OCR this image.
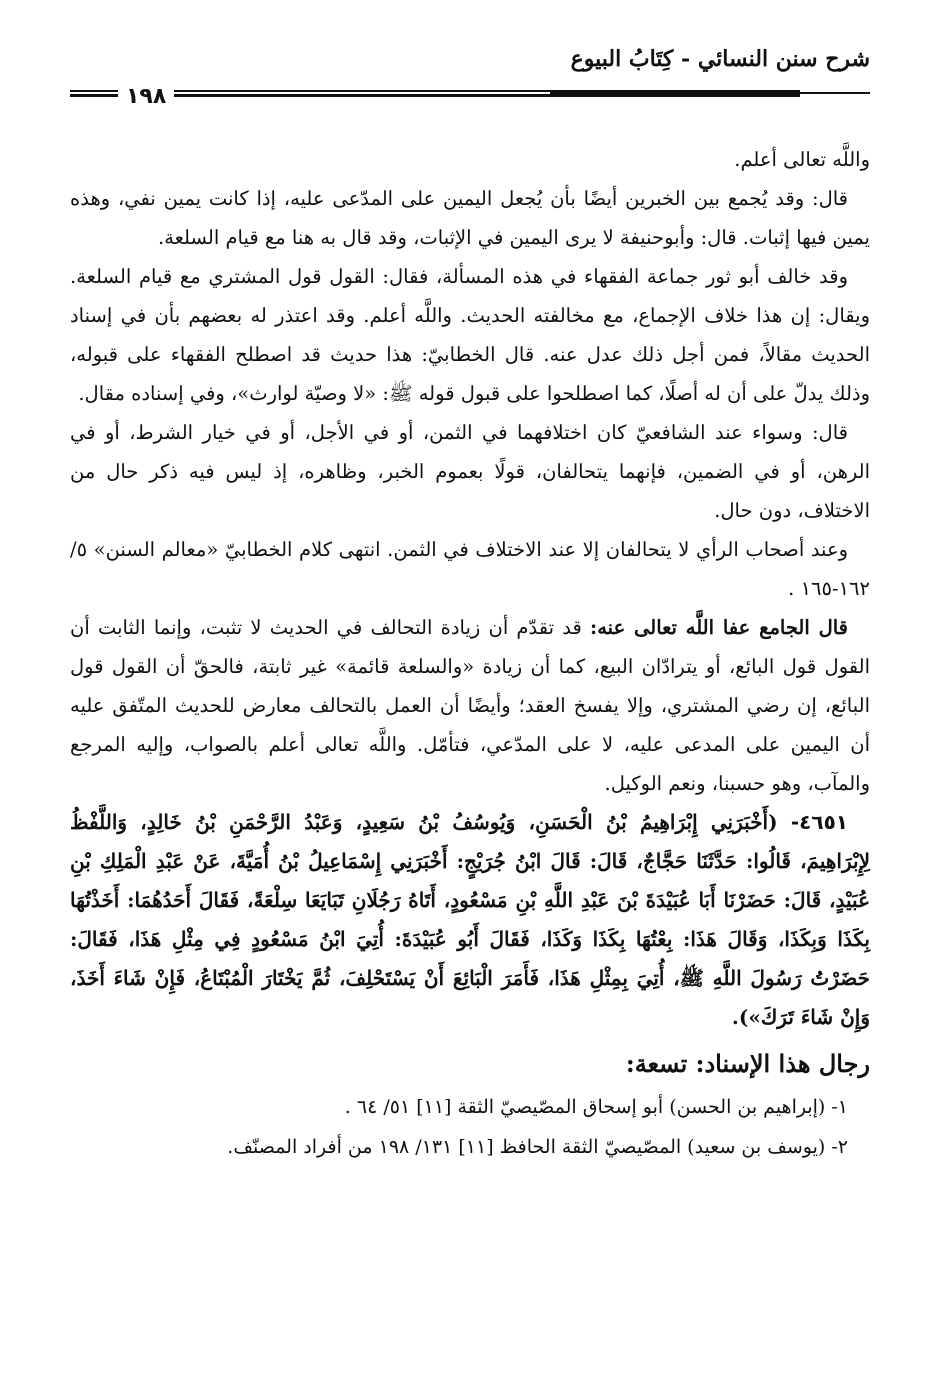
شرح سنن النسائي - كِتَابُ البيوع
١٩٨

واللَّه تعالى أعلم.

قال: وقد يُجمع بين الخبرين أيضًا بأن يُجعل اليمين على المدّعى عليه، إذا كانت يمين نفي، وهذه يمين فيها إثبات. قال: وأبوحنيفة لا يرى اليمين في الإثبات، وقد قال به هنا مع قيام السلعة.

وقد خالف أبو ثور جماعة الفقهاء في هذه المسألة، فقال: القول قول المشتري مع قيام السلعة. ويقال: إن هذا خلاف الإجماع، مع مخالفته الحديث. واللَّه أعلم. وقد اعتذر له بعضهم بأن في إسناد الحديث مقالاً، فمن أجل ذلك عدل عنه. قال الخطابيّ: هذا حديث قد اصطلح الفقهاء على قبوله، وذلك يدلّ على أن له أصلًا، كما اصطلحوا على قبول قوله ﷺ: «لا وصيّة لوارث»، وفي إسناده مقال.

قال: وسواء عند الشافعيّ كان اختلافهما في الثمن، أو في الأجل، أو في خيار الشرط، أو في الرهن، أو في الضمين، فإنهما يتحالفان، قولًا بعموم الخبر، وظاهره، إذ ليس فيه ذكر حال من الاختلاف، دون حال.

وعند أصحاب الرأي لا يتحالفان إلا عند الاختلاف في الثمن. انتهى كلام الخطابيّ «معالم السنن» ٥/ ١٦٢-١٦٥ .

قال الجامع عفا اللَّه تعالى عنه: قد تقدّم أن زيادة التحالف في الحديث لا تثبت، وإنما الثابت أن القول قول البائع، أو يترادّان البيع، كما أن زيادة «والسلعة قائمة» غير ثابتة، فالحقّ أن القول قول البائع، إن رضي المشتري، وإلا يفسخ العقد؛ وأيضًا أن العمل بالتحالف معارض للحديث المتّفق عليه أن اليمين على المدعى عليه، لا على المدّعي، فتأمّل. واللَّه تعالى أعلم بالصواب، وإليه المرجع والمآب، وهو حسبنا، ونعم الوكيل.

٤٦٥١- (أَخْبَرَنِي إِبْرَاهِيمُ بْنُ الْحَسَنِ، وَيُوسُفُ بْنُ سَعِيدٍ، وَعَبْدُ الرَّحْمَنِ بْنُ خَالِدٍ، وَاللَّفْظُ لِإِبْرَاهِيمَ، قَالُوا: حَدَّثَنَا حَجَّاجٌ، قَالَ: قَالَ ابْنُ جُرَيْجٍ: أَخْبَرَنِي إِسْمَاعِيلُ بْنُ أُمَيَّةَ، عَنْ عَبْدِ الْمَلِكِ بْنِ عُبَيْدٍ، قَالَ: حَضَرْنَا أَبَا عُبَيْدَةَ بْنَ عَبْدِ اللَّهِ بْنِ مَسْعُودٍ، أَتَاهُ رَجُلَانِ تَبَايَعَا سِلْعَةً، فَقَالَ أَحَدُهُمَا: أَخَذْتُهَا بِكَذَا وَبِكَذَا، وَقَالَ هَذَا: بِعْتُهَا بِكَذَا وَكَذَا، فَقَالَ أَبُو عُبَيْدَةَ: أُتِيَ ابْنُ مَسْعُودٍ فِي مِثْلِ هَذَا، فَقَالَ: حَضَرْتُ رَسُولَ اللَّهِ ﷺ، أُتِيَ بِمِثْلِ هَذَا، فَأَمَرَ الْبَائِعَ أَنْ يَسْتَحْلِفَ، ثُمَّ يَخْتَارَ الْمُبْتَاعُ، فَإِنْ شَاءَ أَخَذَ، وَإِنْ شَاءَ تَرَكَ»).

رجال هذا الإسناد: تسعة:

١- (إبراهيم بن الحسن) أبو إسحاق المصّيصيّ الثقة [١١] ٥١/ ٦٤ .

٢- (يوسف بن سعيد) المصّيصيّ الثقة الحافظ [١١] ١٣١/ ١٩٨ من أفراد المصنّف.
